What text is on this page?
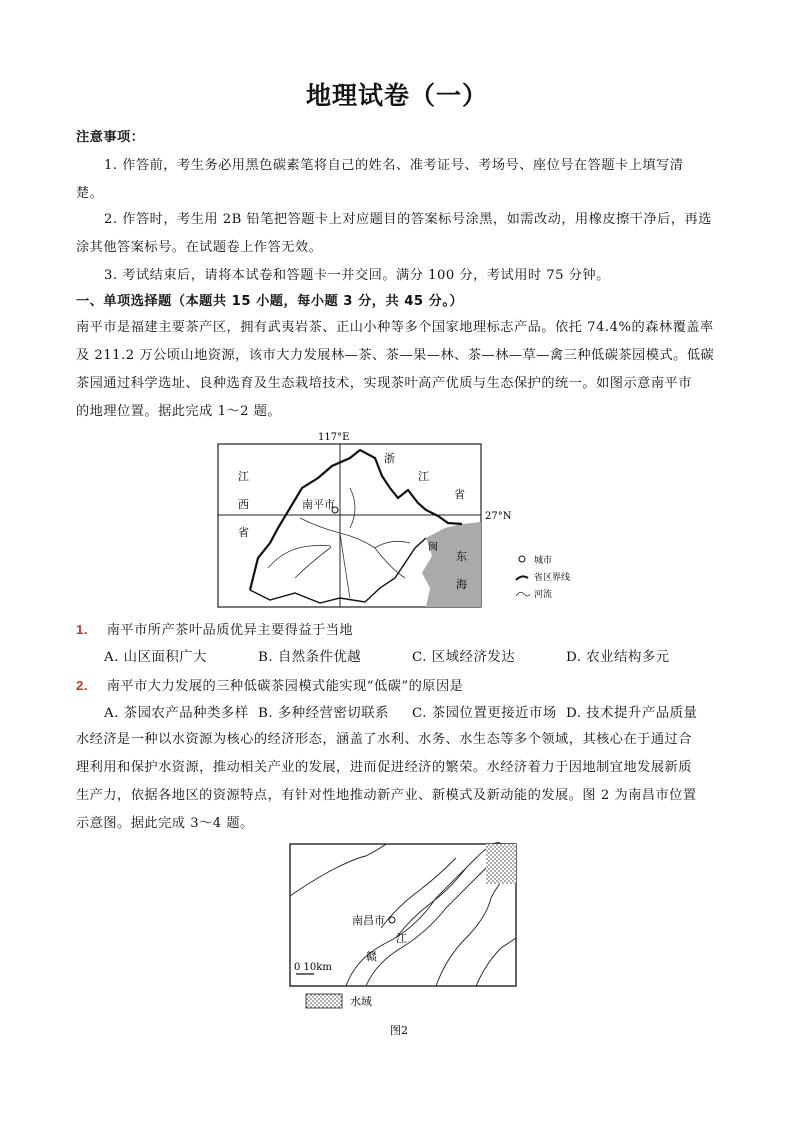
地理试卷（一）
注意事项：
1. 作答前，考生务必用黑色碳素笔将自己的姓名、准考证号、考场号、座位号在答题卡上填写清
楚。
2. 作答时，考生用 2B 铅笔把答题卡上对应题目的答案标号涂黑，如需改动，用橡皮擦干净后，再选
涂其他答案标号。在试题卷上作答无效。
3. 考试结束后，请将本试卷和答题卡一并交回。满分 100 分，考试用时 75 分钟。
一、单项选择题（本题共 15 小题，每小题 3 分，共 45 分。）
南平市是福建主要茶产区，拥有武夷岩茶、正山小种等多个国家地理标志产品。依托 74.4%的森林覆盖率
及 211.2 万公顷山地资源，该市大力发展林—茶、茶—果—林、茶—林—草—禽三种低碳茶园模式。低碳
茶园通过科学选址、良种选育及生态栽培技术，实现茶叶高产优质与生态保护的统一。如图示意南平市
的地理位置。据此完成 1～2 题。
117°E
27°N
江
西
省
浙
江
省
南平市
闽
东
海
城市
省区界线
河流
1. 南平市所产茶叶品质优异主要得益于当地
A. 山区面积广大	B. 自然条件优越	C. 区域经济发达	D. 农业结构多元
2. 南平市大力发展的三种低碳茶园模式能实现“低碳”的原因是
A. 茶园农产品种类多样 B. 多种经营密切联系 C. 茶园位置更接近市场 D. 技术提升产品质量
水经济是一种以水资源为核心的经济形态，涵盖了水利、水务、水生态等多个领域，其核心在于通过合
理利用和保护水资源，推动相关产业的发展，进而促进经济的繁荣。水经济着力于因地制宜地发展新质
生产力，依据各地区的资源特点，有针对性地推动新产业、新模式及新动能的发展。图 2 为南昌市位置
示意图。据此完成 3～4 题。
南昌市
江
赣
0 10km
水域
图2
